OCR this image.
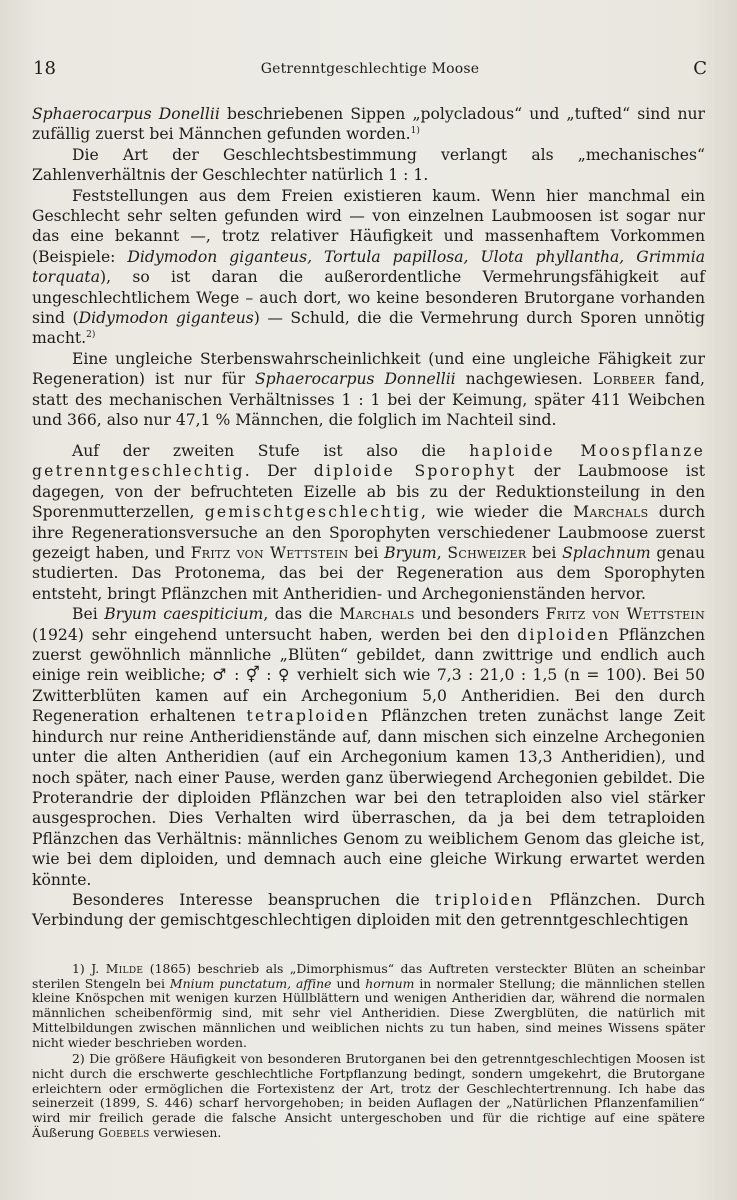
18	Getrenntgeschlechtige Moose	C

Sphaerocarpus Donellii beschriebenen Sippen „polycladous“ und „tufted“ sind nur zufällig zuerst bei Männchen gefunden worden.$^{1)}$

Die Art der Geschlechtsbestimmung verlangt als „mechanisches“ Zahlenverhältnis der Geschlechter natürlich 1 : 1.

Feststellungen aus dem Freien existieren kaum. Wenn hier manchmal ein Geschlecht sehr selten gefunden wird — von einzelnen Laubmoosen ist sogar nur das eine bekannt —, trotz relativer Häufigkeit und massenhaftem Vorkommen (Beispiele: Didymodon giganteus, Tortula papillosa, Ulota phyllantha, Grimmia torquata), so ist daran die außerordentliche Vermehrungsfähigkeit auf ungeschlechtlichem Wege – auch dort, wo keine besonderen Brutorgane vorhanden sind (Didymodon giganteus) — Schuld, die die Vermehrung durch Sporen unnötig macht.$^{2)}$

Eine ungleiche Sterbenswahrscheinlichkeit (und eine ungleiche Fähigkeit zur Regeneration) ist nur für Sphaerocarpus Donnellii nachgewiesen. Lorbeer fand, statt des mechanischen Verhältnisses 1 : 1 bei der Keimung, später 411 Weibchen und 366, also nur 47,1 % Männchen, die folglich im Nachteil sind.

Auf der zweiten Stufe ist also die haploide Moospflanze getrenntgeschlechtig. Der diploide Sporophyt der Laubmoose ist dagegen, von der befruchteten Eizelle ab bis zu der Reduktionsteilung in den Sporenmutterzellen, gemischtgeschlechtig, wie wieder die Marchals durch ihre Regenerationsversuche an den Sporophyten verschiedener Laubmoose zuerst gezeigt haben, und Fritz von Wettstein bei Bryum, Schweizer bei Splachnum genau studierten. Das Protonema, das bei der Regeneration aus dem Sporophyten entsteht, bringt Pflänzchen mit Antheridien- und Archegonienständen hervor.

Bei Bryum caespiticium, das die Marchals und besonders Fritz von Wettstein (1924) sehr eingehend untersucht haben, werden bei den diploiden Pflänzchen zuerst gewöhnlich männliche „Blüten“ gebildet, dann zwittrige und endlich auch einige rein weibliche; ♂ : ⚥ : ♀ verhielt sich wie 7,3 : 21,0 : 1,5 (n = 100). Bei 50 Zwitterblüten kamen auf ein Archegonium 5,0 Antheridien. Bei den durch Regeneration erhaltenen tetraploiden Pflänzchen treten zunächst lange Zeit hindurch nur reine Antheridienstände auf, dann mischen sich einzelne Archegonien unter die alten Antheridien (auf ein Archegonium kamen 13,3 Antheridien), und noch später, nach einer Pause, werden ganz überwiegend Archegonien gebildet. Die Proterandrie der diploiden Pflänzchen war bei den tetraploiden also viel stärker ausgesprochen. Dies Verhalten wird überraschen, da ja bei dem tetraploiden Pflänzchen das Verhältnis: männliches Genom zu weiblichem Genom das gleiche ist, wie bei dem diploiden, und demnach auch eine gleiche Wirkung erwartet werden könnte.

Besonderes Interesse beanspruchen die triploiden Pflänzchen. Durch Verbindung der gemischtgeschlechtigen diploiden mit den getrenntgeschlechtigen

1) J. Milde (1865) beschrieb als „Dimorphismus“ das Auftreten versteckter Blüten an scheinbar sterilen Stengeln bei Mnium punctatum, affine und hornum in normaler Stellung; die männlichen stellen kleine Knöspchen mit wenigen kurzen Hüllblättern und wenigen Antheridien dar, während die normalen männlichen scheibenförmig sind, mit sehr viel Antheridien. Diese Zwergblüten, die natürlich mit Mittelbildungen zwischen männlichen und weiblichen nichts zu tun haben, sind meines Wissens später nicht wieder beschrieben worden.

2) Die größere Häufigkeit von besonderen Brutorganen bei den getrenntgeschlechtigen Moosen ist nicht durch die erschwerte geschlechtliche Fortpflanzung bedingt, sondern umgekehrt, die Brutorgane erleichtern oder ermöglichen die Fortexistenz der Art, trotz der Geschlechtertrennung. Ich habe das seinerzeit (1899, S. 446) scharf hervorgehoben; in beiden Auflagen der „Natürlichen Pflanzenfamilien“ wird mir freilich gerade die falsche Ansicht untergeschoben und für die richtige auf eine spätere Äußerung Goebels verwiesen.
